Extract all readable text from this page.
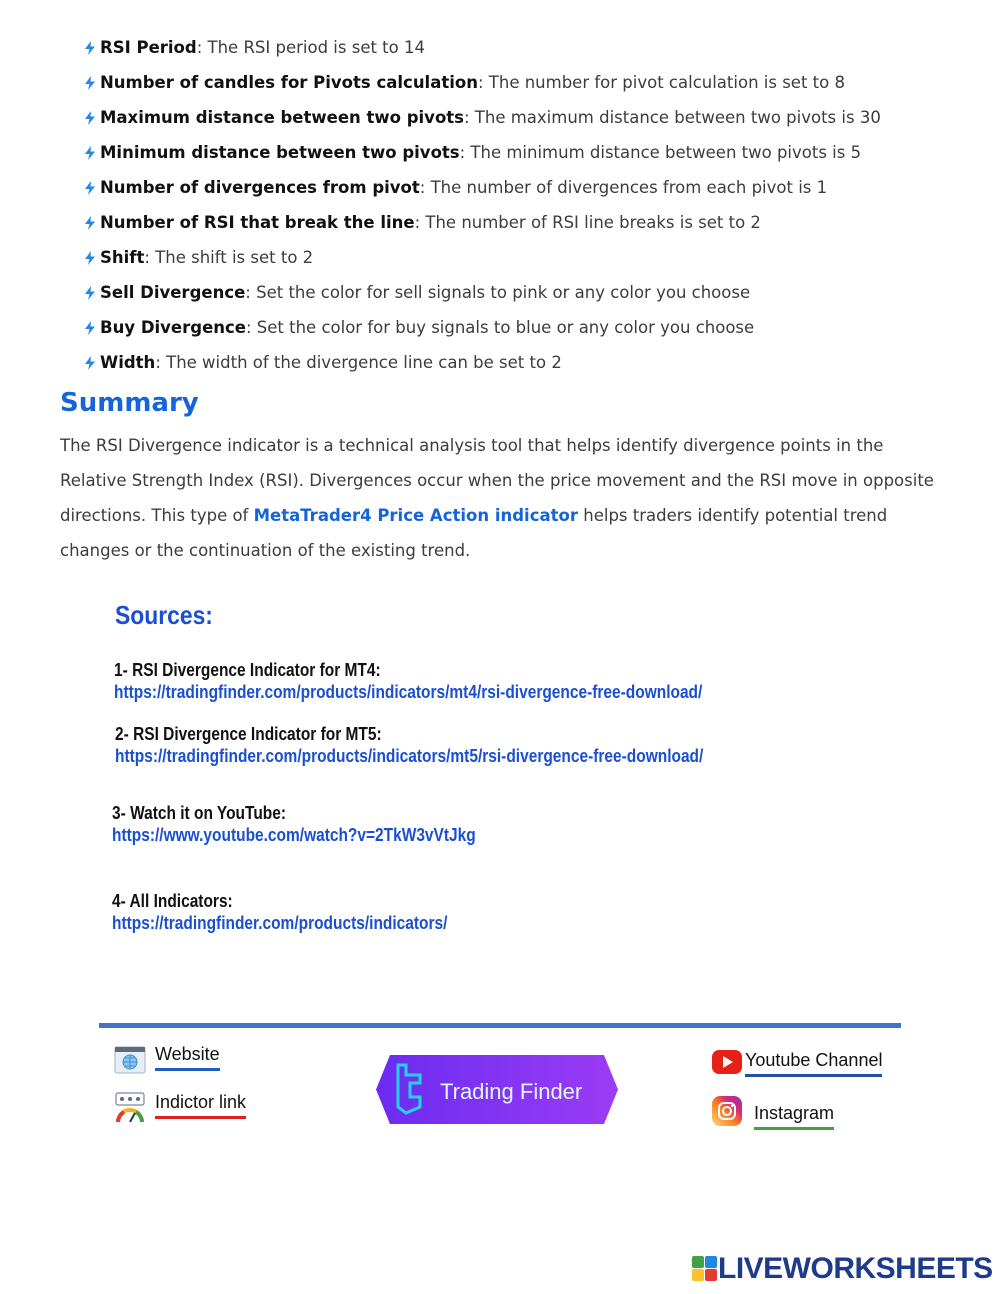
RSI Period : The RSI period is set to 14
Number of candles for Pivots calculation : The number for pivot calculation is set to 8
Maximum distance between two pivots : The maximum distance between two pivots is 30
Minimum distance between two pivots : The minimum distance between two pivots is 5
Number of divergences from pivot : The number of divergences from each pivot is 1
Number of RSI that break the line : The number of RSI line breaks is set to 2
Shift : The shift is set to 2
Sell Divergence : Set the color for sell signals to pink or any color you choose
Buy Divergence : Set the color for buy signals to blue or any color you choose
Width : The width of the divergence line can be set to 2
Summary

The RSI Divergence indicator is a technical analysis tool that helps identify divergence points in the Relative Strength Index (RSI). Divergences occur when the price movement and the RSI move in opposite directions. This type of MetaTrader4 Price Action indicator helps traders identify potential trend changes or the continuation of the existing trend.

Sources:
1- RSI Divergence Indicator for MT4:
https://tradingfinder.com/products/indicators/mt4/rsi-divergence-free-download/
2- RSI Divergence Indicator for MT5:
https://tradingfinder.com/products/indicators/mt5/rsi-divergence-free-download/
3- Watch it on YouTube:
https://www.youtube.com/watch?v=2TkW3vVtJkg
4- All Indicators:
https://tradingfinder.com/products/indicators/
Website
Indictor link	Trading Finder
Youtube Channel
Instagram
LIVEWORKSHEETS
